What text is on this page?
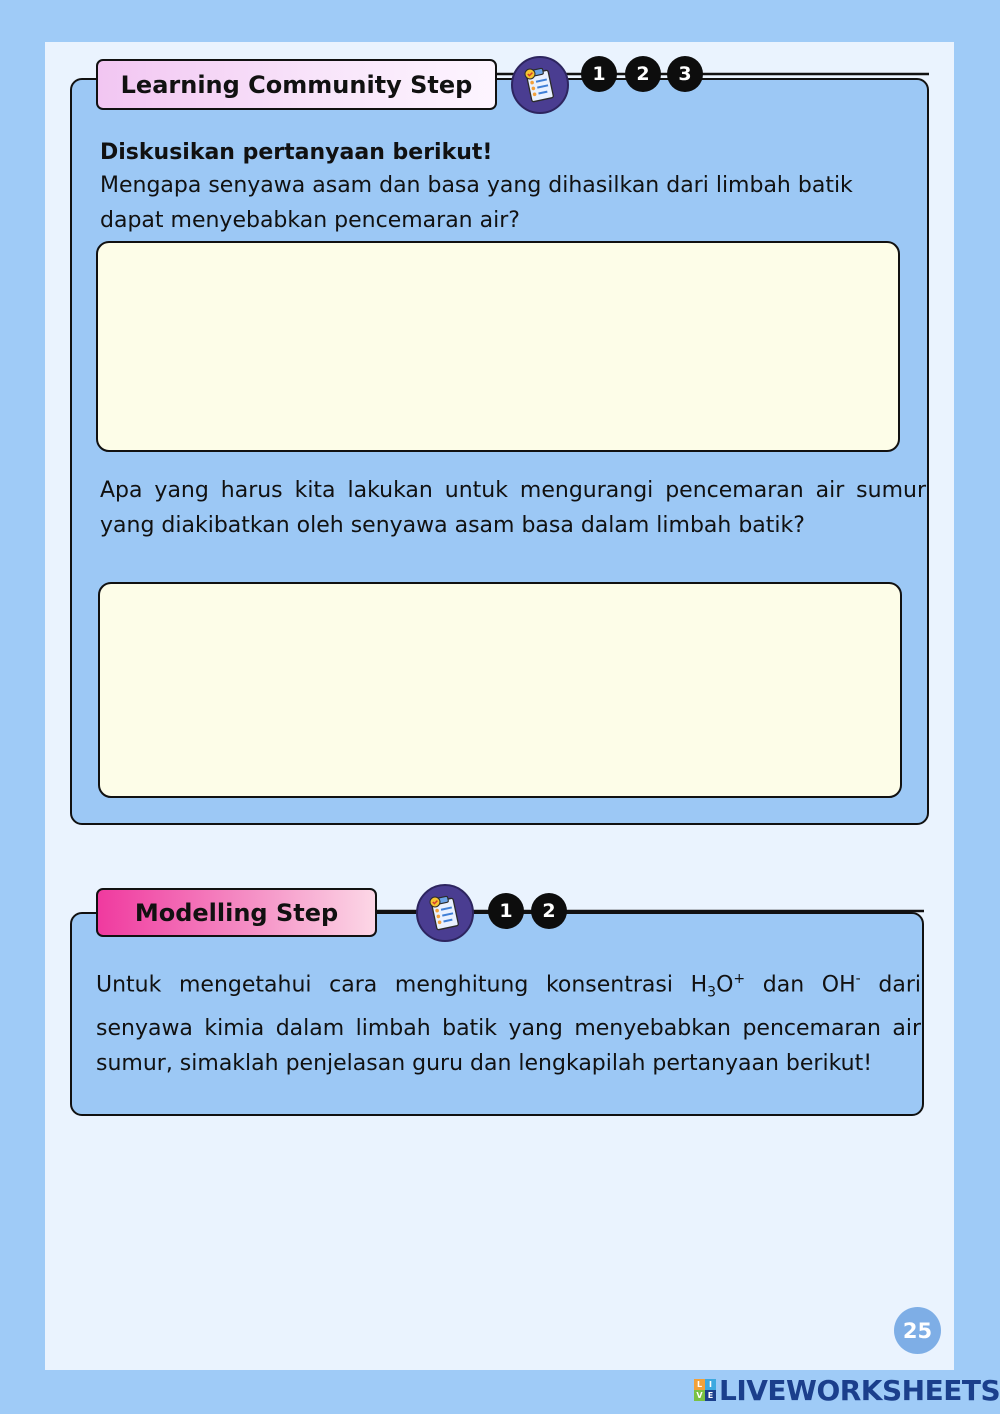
Learning Community Step	1	2	3
Diskusikan pertanyaan berikut!
Mengapa senyawa asam dan basa yang dihasilkan dari limbah batik dapat menyebabkan pencemaran air?
Apa yang harus kita lakukan untuk mengurangi pencemaran air sumur yang diakibatkan oleh senyawa asam basa dalam limbah batik?
Modelling Step	1	2
Untuk mengetahui cara menghitung konsentrasi $H_3O^+$ dan OH- dari senyawa kimia dalam limbah batik yang menyebabkan pencemaran air sumur, simaklah penjelasan guru dan lengkapilah pertanyaan berikut!
25
L I
V E LIVEWORKSHEETS
